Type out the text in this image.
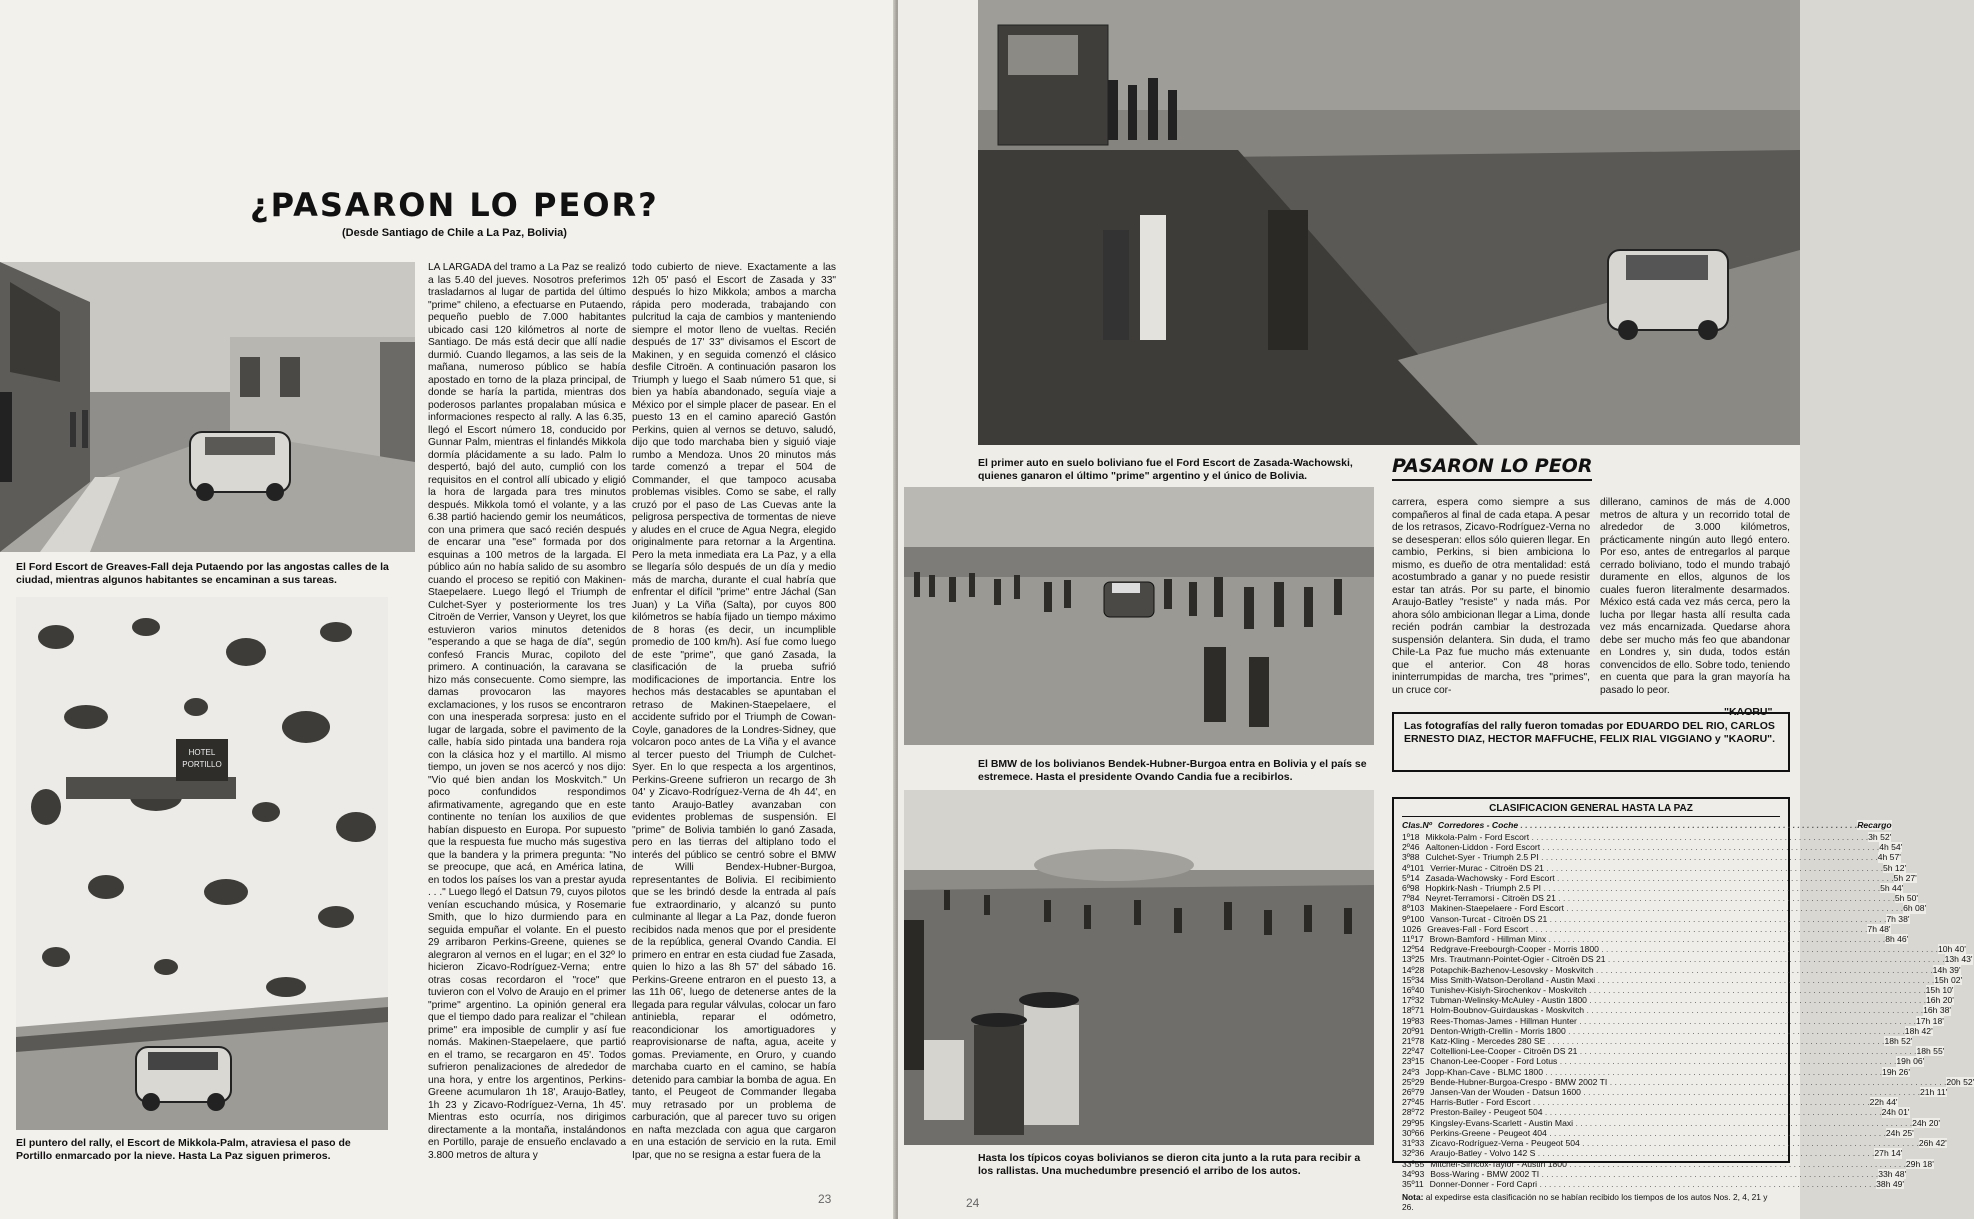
¿PASARON LO PEOR?
(Desde Santiago de Chile a La Paz, Bolivia)
El Ford Escort de Greaves-Fall deja Putaendo por las angostas calles de la ciudad, mientras algunos habitantes se encaminan a sus tareas.
HOTEL
PORTILLO
El puntero del rally, el Escort de Mikkola-Palm, atraviesa el paso de Portillo enmarcado por la nieve. Hasta La Paz siguen primeros.

LA LARGADA del tramo a La Paz se realizó a las 5.40 del jueves. Nosotros preferimos trasladarnos al lugar de partida del último "prime" chileno, a efectuarse en Putaendo, pequeño pueblo de 7.000 habitantes ubicado casi 120 kilómetros al norte de Santiago. De más está decir que allí nadie durmió. Cuando llegamos, a las seis de la mañana, numeroso público se había apostado en torno de la plaza principal, de donde se haría la partida, mientras dos poderosos parlantes propalaban música e informaciones respecto al rally. A las 6.35, llegó el Escort número 18, conducido por Gunnar Palm, mientras el finlandés Mikkola dormía plácidamente a su lado. Palm lo despertó, bajó del auto, cumplió con los requisitos en el control allí ubicado y eligió la hora de largada para tres minutos después. Mikkola tomó el volante, y a las 6.38 partió haciendo gemir los neumáticos, con una primera que sacó recién después de encarar una "ese" formada por dos esquinas a 100 metros de la largada. El público aún no había salido de su asombro cuando el proceso se repitió con Makinen-Staepelaere. Luego llegó el Triumph de Culchet-Syer y posteriormente los tres Citroën de Verrier, Vanson y Ueyret, los que estuvieron varios minutos detenidos "esperando a que se haga de día", según confesó Francis Murac, copiloto del primero. A continuación, la caravana se hizo más consecuente. Como siempre, las damas provocaron las mayores exclamaciones, y los rusos se encontraron con una inesperada sorpresa: justo en el lugar de largada, sobre el pavimento de la calle, había sido pintada una bandera roja con la clásica hoz y el martillo. Al mismo tiempo, un joven se nos acercó y nos dijo: "Vio qué bien andan los Moskvitch." Un poco confundidos respondimos afirmativamente, agregando que en este continente no tenían los auxilios de que habían dispuesto en Europa. Por supuesto que la respuesta fue mucho más sugestiva que la bandera y la primera pregunta: "No se preocupe, que acá, en América latina, en todos los países los van a prestar ayuda . . ." Luego llegó el Datsun 79, cuyos pilotos venían escuchando música, y Rosemarie Smith, que lo hizo durmiendo para en seguida empuñar el volante. En el puesto 29 arribaron Perkins-Greene, quienes se alegraron al vernos en el lugar; en el 32º lo hicieron Zicavo-Rodríguez-Verna; entre otras cosas recordaron el "roce" que tuvieron con el Volvo de Araujo en el primer "prime" argentino. La opinión general era que el tiempo dado para realizar el "chilean prime" era imposible de cumplir y así fue nomás. Makinen-Staepelaere, que partió en el tramo, se recargaron en 45'. Todos sufrieron penalizaciones de alrededor de una hora, y entre los argentinos, Perkins-Greene acumularon 1h 18', Araujo-Batley, 1h 23 y Zicavo-Rodríguez-Verna, 1h 45'. Mientras esto ocurría, nos dirigimos directamente a la montaña, instalándonos en Portillo, paraje de ensueño enclavado a 3.800 metros de altura y

todo cubierto de nieve. Exactamente a las 12h 05' pasó el Escort de Zasada y 33" después lo hizo Mikkola; ambos a marcha rápida pero moderada, trabajando con pulcritud la caja de cambios y manteniendo siempre el motor lleno de vueltas. Recién después de 17' 33" divisamos el Escort de Makinen, y en seguida comenzó el clásico desfile Citroën. A continuación pasaron los Triumph y luego el Saab número 51 que, si bien ya había abandonado, seguía viaje a México por el simple placer de pasear. En el puesto 13 en el camino apareció Gastón Perkins, quien al vernos se detuvo, saludó, dijo que todo marchaba bien y siguió viaje rumbo a Mendoza. Unos 20 minutos más tarde comenzó a trepar el 504 de Commander, el que tampoco acusaba problemas visibles. Como se sabe, el rally cruzó por el paso de Las Cuevas ante la peligrosa perspectiva de tormentas de nieve y aludes en el cruce de Agua Negra, elegido originalmente para retornar a la Argentina. Pero la meta inmediata era La Paz, y a ella se llegaría sólo después de un día y medio más de marcha, durante el cual habría que enfrentar el difícil "prime" entre Jáchal (San Juan) y La Viña (Salta), por cuyos 800 kilómetros se había fijado un tiempo máximo de 8 horas (es decir, un incumplible promedio de 100 km/h). Así fue como luego de este "prime", que ganó Zasada, la clasificación de la prueba sufrió modificaciones de importancia. Entre los hechos más destacables se apuntaban el retraso de Makinen-Staepelaere, el accidente sufrido por el Triumph de Cowan-Coyle, ganadores de la Londres-Sidney, que volcaron poco antes de La Viña y el avance al tercer puesto del Triumph de Culchet-Syer. En lo que respecta a los argentinos, Perkins-Greene sufrieron un recargo de 3h 04' y Zicavo-Rodríguez-Verna de 4h 44', en tanto Araujo-Batley avanzaban con evidentes problemas de suspensión. El "prime" de Bolivia también lo ganó Zasada, pero en las tierras del altiplano todo el interés del público se centró sobre el BMW de Willi Bendex-Hubner-Burgoa, representantes de Bolivia. El recibimiento que se les brindó desde la entrada al país fue extraordinario, y alcanzó su punto culminante al llegar a La Paz, donde fueron recibidos nada menos que por el presidente de la república, general Ovando Candia. El primero en entrar en esta ciudad fue Zasada, quien lo hizo a las 8h 57' del sábado 16. Perkins-Greene entraron en el puesto 13, a las 11h 06', luego de detenerse antes de la llegada para regular válvulas, colocar un faro antiniebla, reparar el odómetro, reacondicionar los amortiguadores y reaprovisionarse de nafta, agua, aceite y gomas. Previamente, en Oruro, y cuando marchaba cuarto en el camino, se había detenido para cambiar la bomba de agua. En tanto, el Peugeot de Commander llegaba muy retrasado por un problema de carburación, que al parecer tuvo su origen en nafta mezclada con agua que cargaron en una estación de servicio en la ruta. Emil Ipar, que no se resigna a estar fuera de la

23	24
El primer auto en suelo boliviano fue el Ford Escort de Zasada-Wachowski, quienes ganaron el último "prime" argentino y el único de Bolivia.	PASARON LO PEOR
El BMW de los bolivianos Bendek-Hubner-Burgoa entra en Bolivia y el país se estremece. Hasta el presidente Ovando Candia fue a recibirlos.
Hasta los típicos coyas bolivianos se dieron cita junto a la ruta para recibir a los rallistas. Una muchedumbre presenció el arribo de los autos.

carrera, espera como siempre a sus compañeros al final de cada etapa. A pesar de los retrasos, Zicavo-Rodríguez-Verna no se desesperan: ellos sólo quieren llegar. En cambio, Perkins, si bien ambiciona lo mismo, es dueño de otra mentalidad: está acostumbrado a ganar y no puede resistir estar tan atrás. Por su parte, el binomio Araujo-Batley "resiste" y nada más. Por ahora sólo ambicionan llegar a Lima, donde recién podrán cambiar la destrozada suspensión delantera. Sin duda, el tramo Chile-La Paz fue mucho más extenuante que el anterior. Con 48 horas ininterrumpidas de marcha, tres "primes", un cruce cor-

dillerano, caminos de más de 4.000 metros de altura y un recorrido total de alrededor de 3.000 kilómetros, prácticamente ningún auto llegó entero. Por eso, antes de entregarlos al parque cerrado boliviano, todo el mundo trabajó duramente en ellos, algunos de los cuales fueron literalmente desarmados. México está cada vez más cerca, pero la lucha por llegar hasta allí resulta cada vez más encarnizada. Quedarse ahora debe ser mucho más feo que abandonar en Londres y, sin duda, todos están convencidos de ello. Sobre todo, teniendo en cuenta que para la gran mayoría ha pasado lo peor.

"KAORU"
Las fotografías del rally fueron tomadas por EDUARDO DEL RIO, CARLOS ERNESTO DIAZ, HECTOR MAFFUCHE, FELIX RIAL VIGGIANO y "KAORU".
CLASIFICACION GENERAL HASTA LA PAZ
Clas. Nº Corredores - Coche . . .	Recargo
1º 18 Mikkola-Palm - Ford Escort . . .	3h 52'
2º 46 Aaltonen-Liddon - Ford Escort . . .	4h 54'
3º 88 Culchet-Syer - Triumph 2.5 PI . . .	4h 57'
4º 101 Verrier-Murac - Citroën DS 21 . . .	5h 12'
5º 14 Zasada-Wachowsky - Ford Escort . . .	5h 27'
6º 98 Hopkirk-Nash - Triumph 2.5 PI . . .	5h 44'
7º 84 Neyret-Terramorsi - Citroën DS 21 . . .	5h 50'
8º 103 Makinen-Staepelaere - Ford Escort . . .	6h 08'
9º 100 Vanson-Turcat - Citroën DS 21 . . .	7h 38'
10 26 Greaves-Fall - Ford Escort . . .	7h 48'
11º 17 Brown-Bamford - Hillman Minx . . .	8h 46'
12º 54 Redgrave-Freebourgh-Cooper - Morris 1800 . . .	10h 40'
13º 25 Mrs. Trautmann-Pointet-Ogier - Citroën DS 21 . . .	13h 43'
14º 28 Potapchik-Bazhenov-Lesovsky - Moskvitch . . .	14h 39'
15º 34 Miss Smith-Watson-Derolland - Austin Maxi . . .	15h 02'
16º 40 Tunishev-Kisiyh-Sirochenkov - Moskvitch . . .	15h 10'
17º 32 Tubman-Welinsky-McAuley - Austin 1800 . . .	16h 20'
18º 71 Holm-Boubnov-Guirdauskas - Moskvitch . . .	16h 38'
19º 83 Rees-Thomas-James - Hillman Hunter . . .	17h 18'
20º 91 Denton-Wrigth-Crellin - Morris 1800 . . .	18h 42'
21º 78 Katz-Kling - Mercedes 280 SE . . .	18h 52'
22º 47 Coltellioni-Lee-Cooper - Citroën DS 21 . . .	18h 55'
23º 15 Chanon-Lee-Cooper - Ford Lotus . . .	19h 06'
24º 3 Jopp-Khan-Cave - BLMC 1800 . . .	19h 26'
25º 29 Bende-Hubner-Burgoa-Crespo - BMW 2002 TI . . .	20h 52'
26º 79 Jansen-Van der Wouden - Datsun 1600 . . .	21h 11'
27º 45 Harris-Butler - Ford Escort . . .	22h 44'
28º 72 Preston-Bailey - Peugeot 504 . . .	24h 01'
29º 95 Kingsley-Evans-Scarlett - Austin Maxi . . .	24h 20'
30º 66 Perkins-Greene - Peugeot 404 . . .	24h 25'
31º 33 Zicavo-Rodríguez-Verna - Peugeot 504 . . .	26h 42'
32º 36 Araujo-Batley - Volvo 142 S . . .	27h 14'
33º 55 Mitchel-Simcox-Taylor - Austin 1800 . . .	29h 18'
34º 93 Boss-Waring - BMW 2002 TI . . .	33h 48'
35º 11 Donner-Donner - Ford Capri . . .	38h 49'
Nota: al expedirse esta clasificación no se habían recibido los tiempos de los autos Nos. 2, 4, 21 y 26.
